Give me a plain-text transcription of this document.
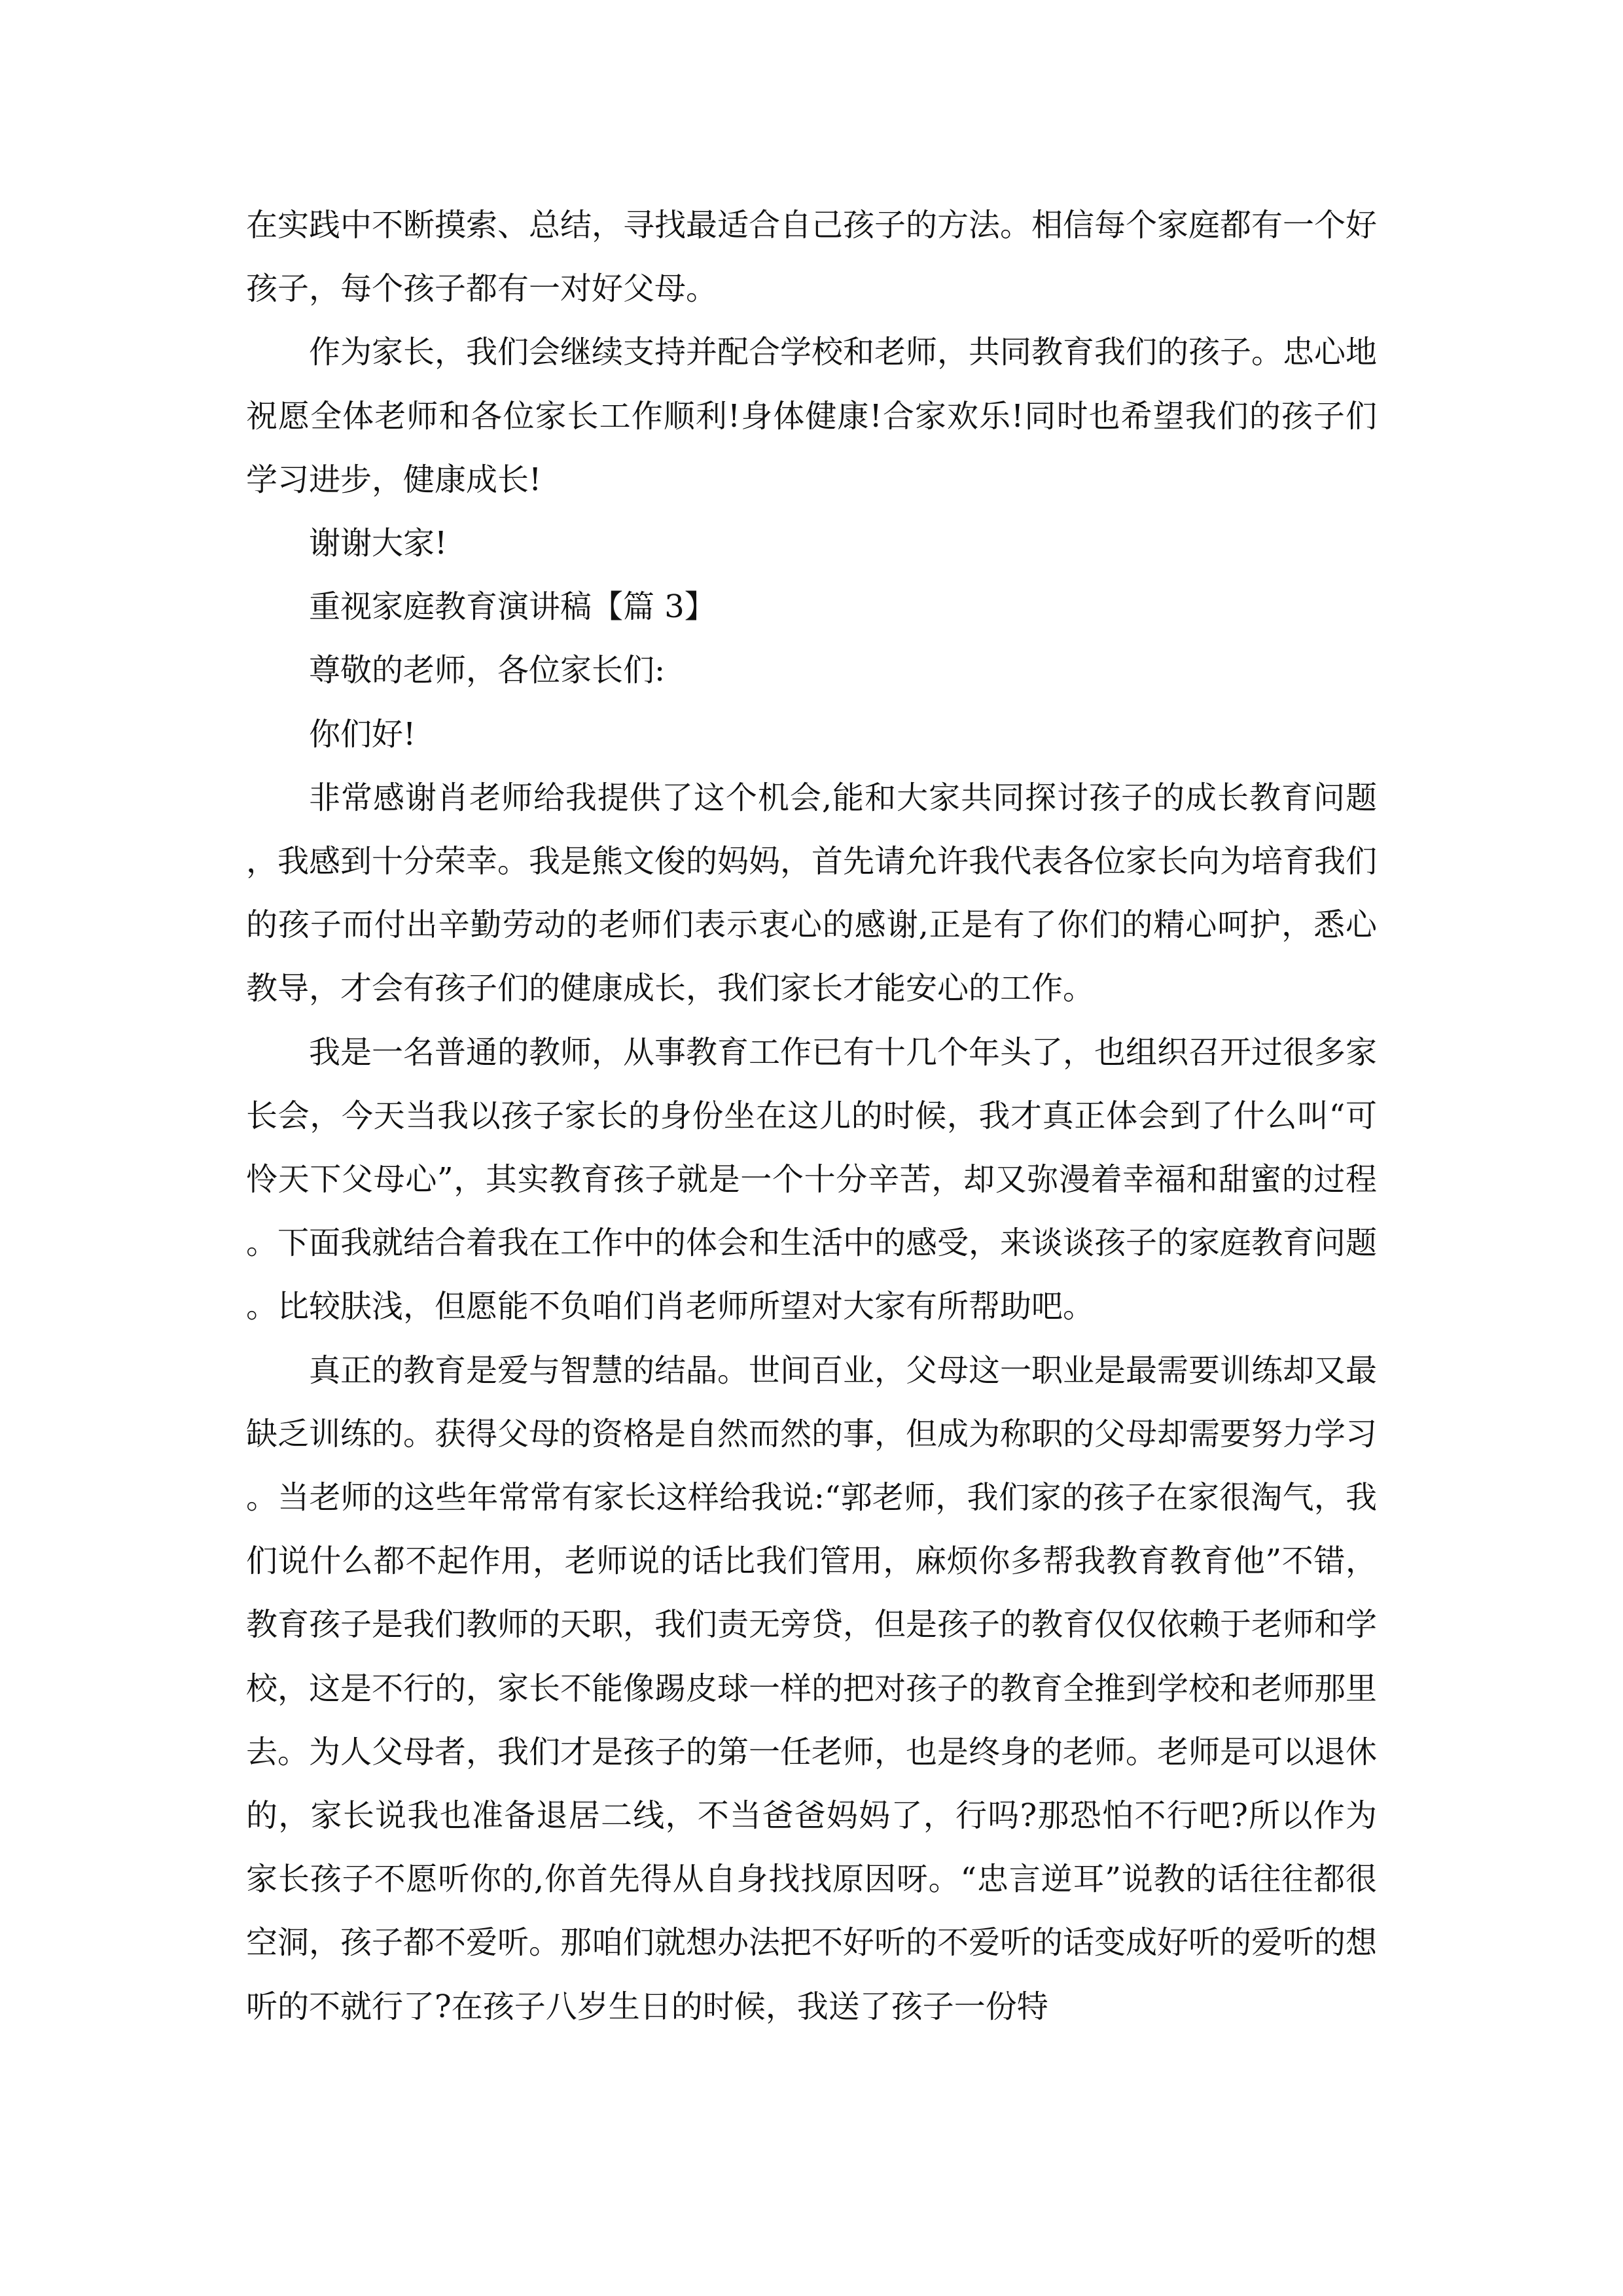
在实践中不断摸索、总结，寻找最适合自己孩子的方法。相信每个家庭都有一个好孩子，每个孩子都有一对好父母。

作为家长，我们会继续支持并配合学校和老师，共同教育我们的孩子。忠心地祝愿全体老师和各位家长工作顺利!身体健康!合家欢乐!同时也希望我们的孩子们学习进步，健康成长!

谢谢大家!

重视家庭教育演讲稿【篇 3】

尊敬的老师，各位家长们:

你们好!

非常感谢肖老师给我提供了这个机会,能和大家共同探讨孩子的成长教育问题，我感到十分荣幸。我是熊文俊的妈妈，首先请允许我代表各位家长向为培育我们的孩子而付出辛勤劳动的老师们表示衷心的感谢,正是有了你们的精心呵护，悉心教导，才会有孩子们的健康成长，我们家长才能安心的工作。

我是一名普通的教师，从事教育工作已有十几个年头了，也组织召开过很多家长会，今天当我以孩子家长的身份坐在这儿的时候，我才真正体会到了什么叫“可怜天下父母心”，其实教育孩子就是一个十分辛苦，却又弥漫着幸福和甜蜜的过程。下面我就结合着我在工作中的体会和生活中的感受，来谈谈孩子的家庭教育问题。比较肤浅，但愿能不负咱们肖老师所望对大家有所帮助吧。

真正的教育是爱与智慧的结晶。世间百业，父母这一职业是最需要训练却又最缺乏训练的。获得父母的资格是自然而然的事，但成为称职的父母却需要努力学习。当老师的这些年常常有家长这样给我说:“郭老师，我们家的孩子在家很淘气，我们说什么都不起作用，老师说的话比我们管用，麻烦你多帮我教育教育他”不错，教育孩子是我们教师的天职，我们责无旁贷，但是孩子的教育仅仅依赖于老师和学校，这是不行的，家长不能像踢皮球一样的把对孩子的教育全推到学校和老师那里去。为人父母者，我们才是孩子的第一任老师，也是终身的老师。老师是可以退休的，家长说我也准备退居二线，不当爸爸妈妈了，行吗?那恐怕不行吧?所以作为家长孩子不愿听你的,你首先得从自身找找原因呀。“忠言逆耳”说教的话往往都很空洞，孩子都不爱听。那咱们就想办法把不好听的不爱听的话变成好听的爱听的想听的不就行了?在孩子八岁生日的时候，我送了孩子一份特
